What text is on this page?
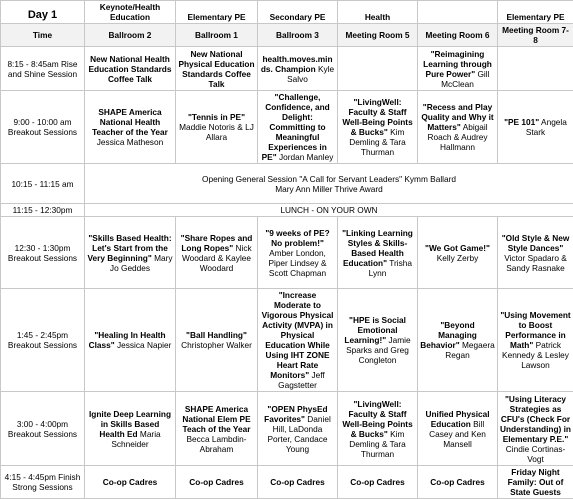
Day 1	Keynote/Health Education	Elementary PE	Secondary PE	Health		Elementary PE
Time	Ballroom 2	Ballroom 1	Ballroom 3	Meeting Room 5	Meeting Room 6	Meeting Room 7-8
8:15 - 8:45am Rise and Shine Session	New National Health Education Standards Coffee Talk	New National Physical Education Standards Coffee Talk	health.moves.minds. Champion Kyle Salvo		"Reimagining Learning through Pure Power" Gill McClean	
9:00 - 10:00 am Breakout Sessions	SHAPE America National Health Teacher of the Year Jessica Matheson	"Tennis in PE" Maddie Notoris & LJ Allara	"Challenge, Confidence, and Delight: Committing to Meaningful Experiences in PE" Jordan Manley	"LivingWell: Faculty & Staff Well-Being Points & Bucks" Kim Demling & Tara Thurman	"Recess and Play Quality and Why it Matters" Abigail Roach & Audrey Hallmann	"PE 101" Angela Stark
10:15 - 11:15 am	Opening General Session "A Call for Servant Leaders" Kymm Ballard
Mary Ann Miller Thrive Award					

11:15 - 12:30pm	LUNCH - ON YOUR OWN					
12:30 - 1:30pm Breakout Sessions	"Skills Based Health: Let's Start from the Very Beginning" Mary Jo Geddes	"Share Ropes and Long Ropes" Nick Woodard & Kaylee Woodard	"9 weeks of PE? No problem!" Amber London, Piper Lindsey & Scott Chapman	"Linking Learning Styles & Skills-Based Health Education" Trisha Lynn	"We Got Game!" Kelly Zerby	"Old Style & New Style Dances" Victor Spadaro & Sandy Rasnake
1:45 - 2:45pm Breakout Sessions	"Healing In Health Class" Jessica Napier	"Ball Handling" Christopher Walker	"Increase Moderate to Vigorous Physical Activity (MVPA) in Physical Education While Using IHT ZONE Heart Rate Monitors" Jeff Gagstetter	"HPE is Social Emotional Learning!" Jamie Sparks and Greg Congleton	"Beyond Managing Behavior" Megaera Regan	"Using Movement to Boost Performance in Math" Patrick Kennedy & Lesley Lawson
3:00 - 4:00pm Breakout Sessions	Ignite Deep Learning in Skills Based Health Ed Maria Schneider	SHAPE America National Elem PE Teach of the Year Becca Lambdin-Abraham	"OPEN PhysEd Favorites" Daniel Hill, LaDonda Porter, Candace Young	"LivingWell: Faculty & Staff Well-Being Points & Bucks" Kim Demling & Tara Thurman	Unified Physical Education Bill Casey and Ken Mansell	"Using Literacy Strategies as CFU's (Check For Understanding) in Elementary P.E." Cindie Cortinas-Vogt
4:15 - 4:45pm Finish Strong Sessions	Co-op Cadres	Co-op Cadres	Co-op Cadres	Co-op Cadres	Co-op Cadres	Friday Night Family: Out of State Guests
